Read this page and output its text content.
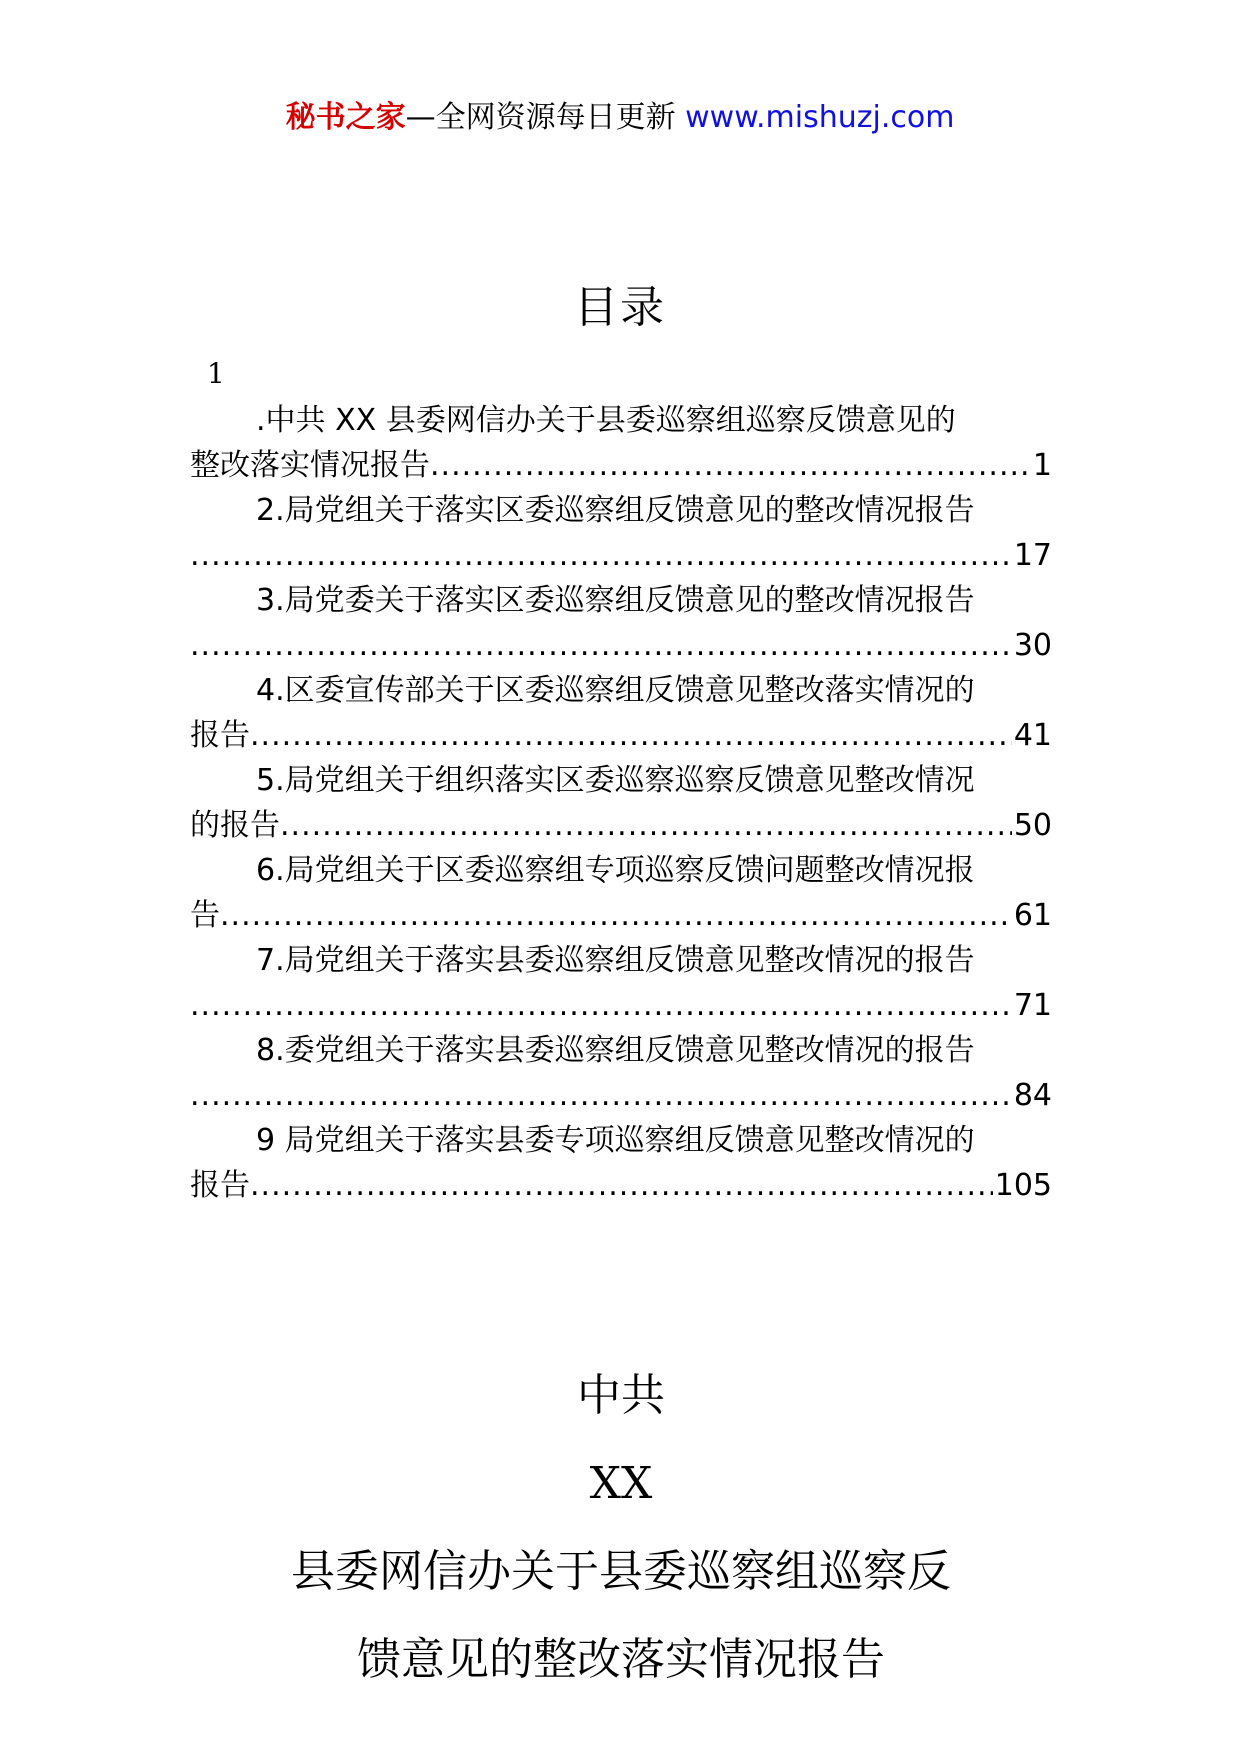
秘书之家—全网资源每日更新 www.mishuzj.com
目录
1
.中共 XX 县委网信办关于县委巡察组巡察反馈意见的
整改落实情况报告 .....	1
2.局党组关于落实区委巡察组反馈意见的整改情况报告
.....
17
3.局党委关于落实区委巡察组反馈意见的整改情况报告
.....
30
4.区委宣传部关于区委巡察组反馈意见整改落实情况的
报告 .....	41
5.局党组关于组织落实区委巡察巡察反馈意见整改情况
的报告 .....	50
6.局党组关于区委巡察组专项巡察反馈问题整改情况报
告 .....	61
7.局党组关于落实县委巡察组反馈意见整改情况的报告
.....
71
8.委党组关于落实县委巡察组反馈意见整改情况的报告
.....
84
9 局党组关于落实县委专项巡察组反馈意见整改情况的
报告 .....	105
中共
XX
县委网信办关于县委巡察组巡察反
馈意见的整改落实情况报告
